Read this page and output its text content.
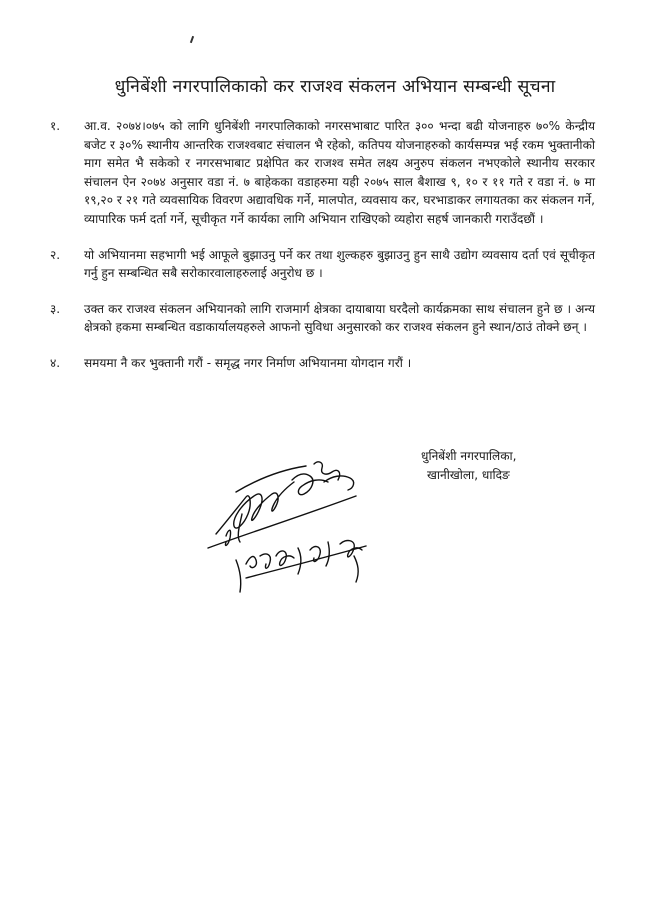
धुनिबेंशी नगरपालिकाको कर राजश्व संकलन अभियान सम्बन्धी सूचना
१. आ.व. २०७४।०७५ को लागि धुनिबेंशी नगरपालिकाको नगरसभाबाट पारित ३०० भन्दा बढी योजनाहरु ७०% केन्द्रीय बजेट र ३०% स्थानीय आन्तरिक राजश्वबाट संचालन भै रहेको, कतिपय योजनाहरुको कार्यसम्पन्न भई रकम भुक्तानीको माग समेत भै सकेको र नगरसभाबाट प्रक्षेपित कर राजश्व समेत लक्ष्य अनुरुप संकलन नभएकोले स्थानीय सरकार संचालन ऐन २०७४ अनुसार वडा नं. ७ बाहेकका वडाहरुमा यही २०७५ साल बैशाख ९, १० र ११ गते र वडा नं. ७ मा १९,२० र २१ गते व्यवसायिक विवरण अद्यावधिक गर्ने, मालपोत, व्यवसाय कर, घरभाडाकर लगायतका कर संकलन गर्ने, व्यापारिक फर्म दर्ता गर्ने, सूचीकृत गर्ने कार्यका लागि अभियान राखिएको व्यहोरा सहर्ष जानकारी गराउँदछौं ।
२. यो अभियानमा सहभागी भई आफूले बुझाउनु पर्ने कर तथा शुल्कहरु बुझाउनु हुन साथै उद्योग व्यवसाय दर्ता एवं सूचीकृत गर्नु हुन सम्बन्धित सबै सरोकारवालाहरुलाई अनुरोध छ ।
३. उक्त कर राजश्व संकलन अभियानको लागि राजमार्ग क्षेत्रका दायाबाया घरदैलो कार्यक्रमका साथ संचालन हुने छ । अन्य क्षेत्रको हकमा सम्बन्धित वडाकार्यालयहरुले आफनो सुविधा अनुसारको कर राजश्व संकलन हुने स्थान/ठाउं तोक्ने छन् ।
४. समयमा नै कर भुक्तानी गरौं - समृद्ध नगर निर्माण अभियानमा योगदान गरौं ।
धुनिबेंशी नगरपालिका,
खानीखोला, धादिङ
